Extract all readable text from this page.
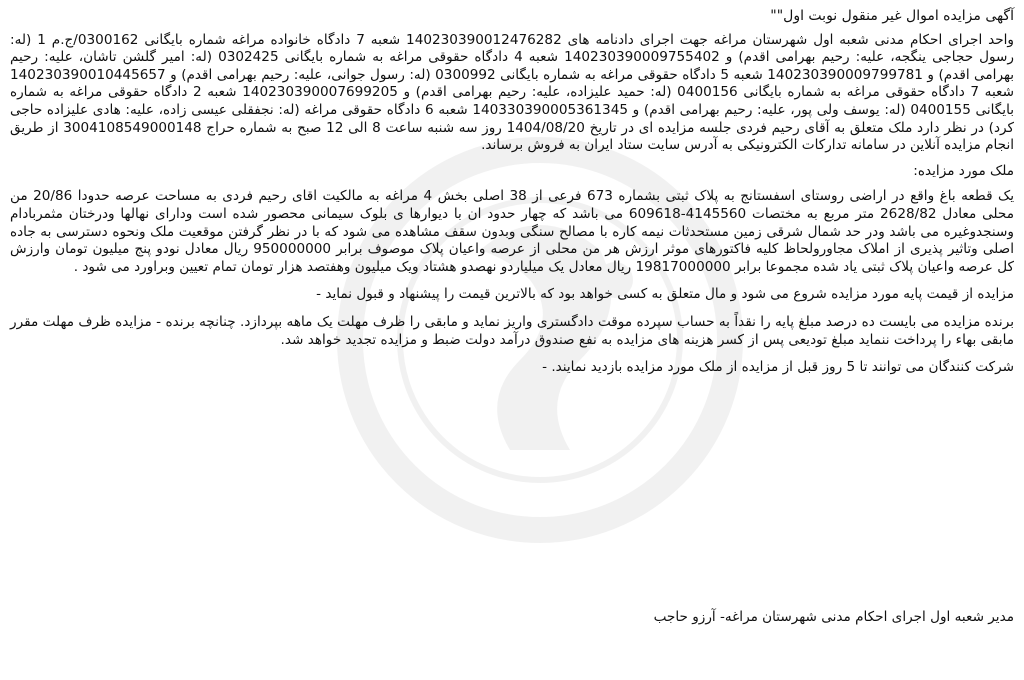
آگهی مزایده اموال غیر منقول نوبت اول""

واحد اجرای احکام مدنی شعبه اول شهرستان مراغه جهت اجرای دادنامه های 140230390012476282 شعبه 7 دادگاه خانواده مراغه شماره بایگانی 0300162/ج.م 1 (له: رسول حجاجی ینگجه، علیه: رحیم بهرامی اقدم) و 140230390009755402 شعبه 4 دادگاه حقوقی مراغه به شماره بایگانی 0302425 (له: امیر گلشن تاشان، علیه: رحیم بهرامی اقدم) و 140230390009799781 شعبه 5 دادگاه حقوقی مراغه به شماره بایگانی 0300992 (له: رسول جوانی، علیه: رحیم بهرامی اقدم) و 140230390010445657 شعبه 7 دادگاه حقوقی مراغه به شماره بایگانی 0400156 (له: حمید علیزاده، علیه: رحیم بهرامی اقدم) و 140230390007699205 شعبه 2 دادگاه حقوقی مراغه به شماره بایگانی 0400155 (له: یوسف ولی پور، علیه: رحیم بهرامی اقدم) و 140330390005361345 شعبه 6 دادگاه حقوقی مراغه (له: نجفقلی عیسی زاده، علیه: هادی علیزاده حاجی کرد) در نظر دارد ملک متعلق به آقای رحیم فردی جلسه مزایده ای در تاریخ 1404/08/20 روز سه شنبه ساعت 8 الی 12 صبح به شماره حراج 3004108549000148 از طریق انجام مزایده آنلاین در سامانه تدارکات الکترونیکی به آدرس سایت ستاد ایران به فروش برساند.

ملک مورد مزایده:

یک قطعه باغ واقع در اراضی روستای اسفستانج به پلاک ثبتی بشماره 673 فرعی از 38 اصلی بخش 4 مراغه به مالکیت اقای رحیم فردی به مساحت عرصه حدودا 20/86 من محلی معادل 2628/82 متر مربع به مختصات 4145560-609618 می باشد که چهار حدود ان با دیوارها ی بلوک سیمانی محصور شده است ودارای نهالها ودرختان مثمربادام وسنجدوغیره می باشد ودر حد شمال شرقی زمین مستحدثات نیمه کاره با مصالح سنگی وبدون سقف مشاهده می شود که با در نظر گرفتن موقعیت ملک ونحوه دسترسی به جاده اصلی وتاثیر پذیری از املاک مجاورولحاظ کلیه فاکتورهای موثر ارزش هر من محلی از عرصه واعیان پلاک موصوف برابر 950000000 ریال معادل نودو پنج میلیون تومان وارزش کل عرصه واعیان پلاک ثبتی یاد شده مجموعا برابر 19817000000 ریال معادل یک میلیاردو نهصدو هشتاد ویک میلیون وهفتصد هزار تومان تمام تعیین وبراورد می شود .

مزایده از قیمت پایه مورد مزایده شروع می شود و مال متعلق به کسی خواهد بود که بالاترین قیمت را پیشنهاد و قبول نماید -

برنده مزایده می بایست ده درصد مبلغ پایه را نقداً به حساب سپرده موقت دادگستری واریز نماید و مابقی را ظرف مهلت یک ماهه بپردازد. چنانچه برنده - مزایده ظرف مهلت مقرر مابقی بهاء را پرداخت ننماید مبلغ تودیعی پس از کسر هزینه های مزایده به نفع صندوق درآمد دولت ضبط و مزایده تجدید خواهد شد.

شرکت کنندگان می توانند تا 5 روز قبل از مزایده از ملک مورد مزایده بازدید نمایند. -

مدیر شعبه اول اجرای احکام مدنی شهرستان مراغه- آرزو حاجب
